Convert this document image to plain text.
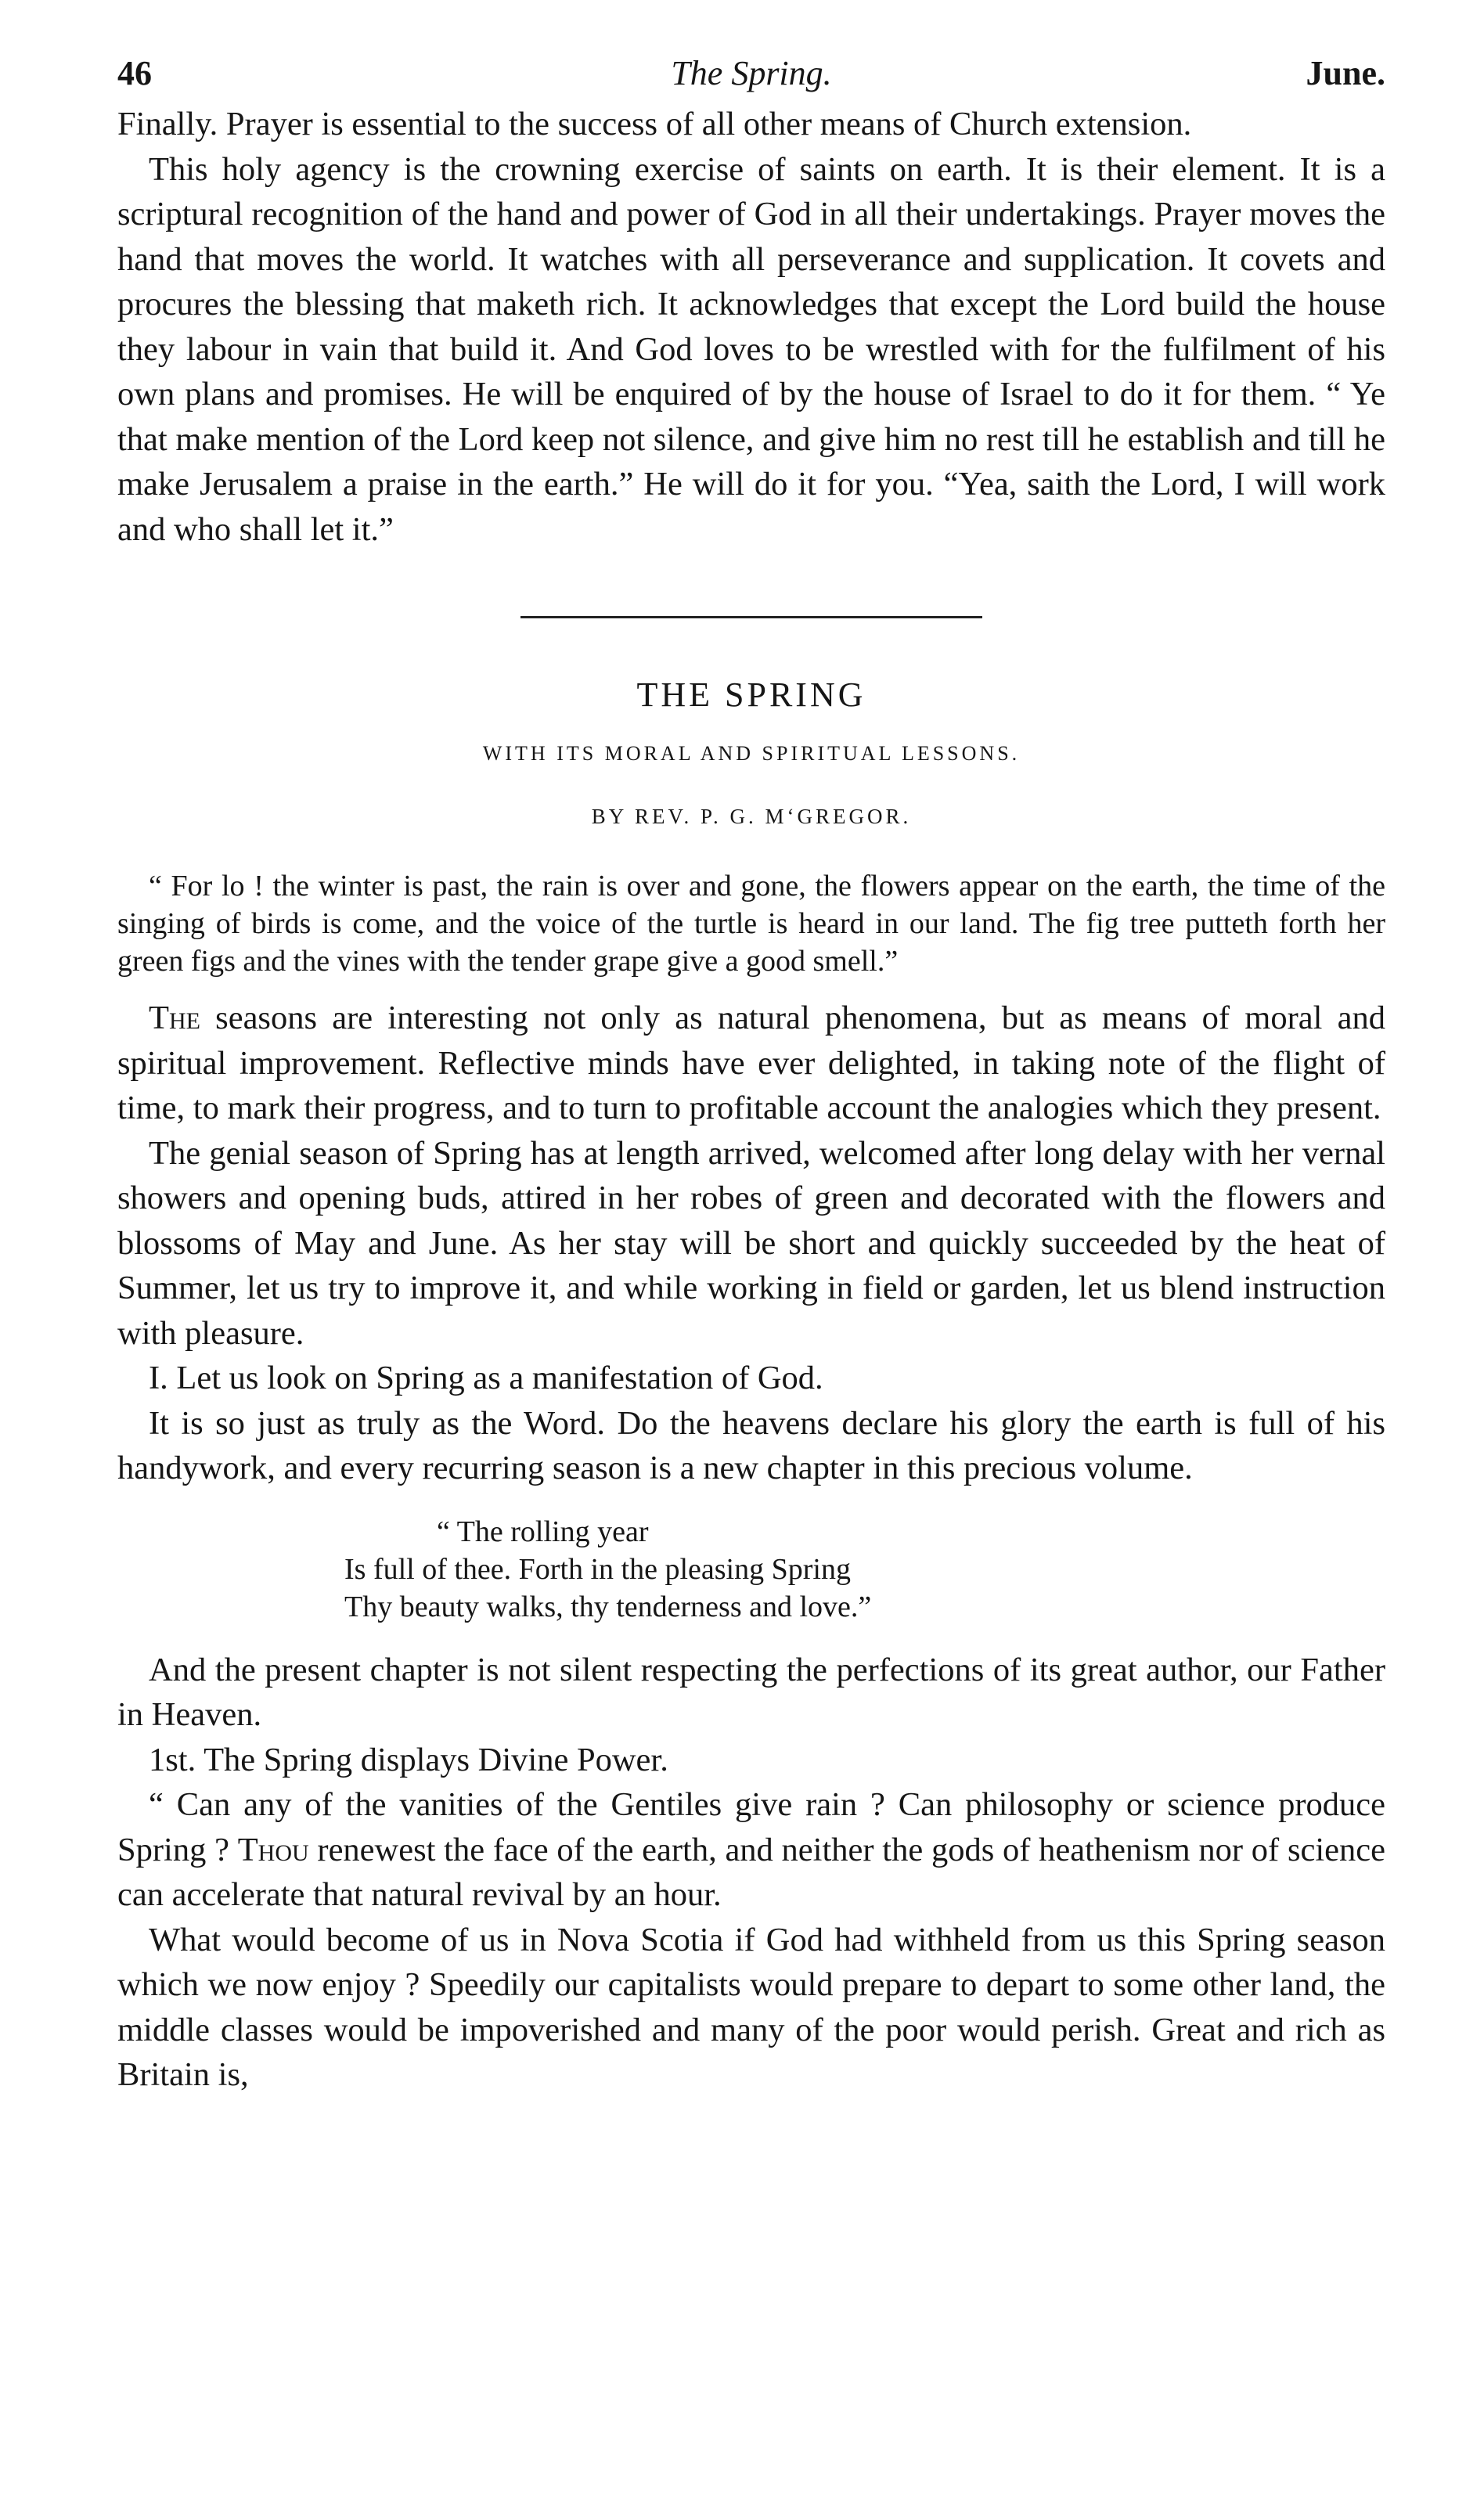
46	The Spring.	June.

Finally. Prayer is essential to the success of all other means of Church extension.

This holy agency is the crowning exercise of saints on earth. It is their element. It is a scriptural recognition of the hand and power of God in all their undertakings. Prayer moves the hand that moves the world. It watches with all perseverance and supplication. It covets and procures the blessing that maketh rich. It acknowledges that except the Lord build the house they labour in vain that build it. And God loves to be wrestled with for the fulfilment of his own plans and promises. He will be enquired of by the house of Israel to do it for them. “ Ye that make mention of the Lord keep not silence, and give him no rest till he establish and till he make Jerusalem a praise in the earth.” He will do it for you. “Yea, saith the Lord, I will work and who shall let it.”

THE SPRING
WITH ITS MORAL AND SPIRITUAL LESSONS.
BY REV. P. G. M‘GREGOR.
“ For lo ! the winter is past, the rain is over and gone, the flowers appear on the earth, the time of the singing of birds is come, and the voice of the turtle is heard in our land. The fig tree putteth forth her green figs and the vines with the tender grape give a good smell.”

The seasons are interesting not only as natural phenomena, but as means of moral and spiritual improvement. Reflective minds have ever delighted, in taking note of the flight of time, to mark their progress, and to turn to profitable account the analogies which they present.

The genial season of Spring has at length arrived, welcomed after long delay with her vernal showers and opening buds, attired in her robes of green and decorated with the flowers and blossoms of May and June. As her stay will be short and quickly succeeded by the heat of Summer, let us try to improve it, and while working in field or garden, let us blend instruction with pleasure.

I. Let us look on Spring as a manifestation of God.

It is so just as truly as the Word. Do the heavens declare his glory the earth is full of his handywork, and every recurring season is a new chapter in this precious volume.

“ The rolling year
Is full of thee. Forth in the pleasing Spring
Thy beauty walks, thy tenderness and love.”

And the present chapter is not silent respecting the perfections of its great author, our Father in Heaven.

1st. The Spring displays Divine Power.

“ Can any of the vanities of the Gentiles give rain ? Can philosophy or science produce Spring ? Thou renewest the face of the earth, and neither the gods of heathenism nor of science can accelerate that natural revival by an hour.

What would become of us in Nova Scotia if God had withheld from us this Spring season which we now enjoy ? Speedily our capitalists would prepare to depart to some other land, the middle classes would be impoverished and many of the poor would perish. Great and rich as Britain is,
